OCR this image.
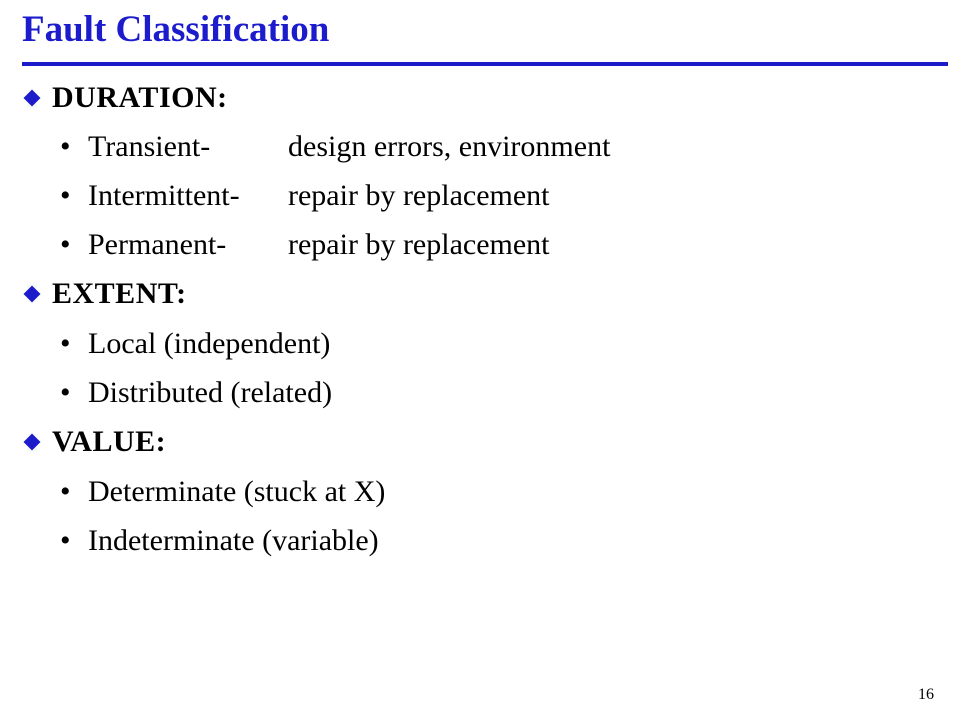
Fault Classification
DURATION:
• Transient-	design errors, environment
• Intermittent-	repair by replacement
• Permanent-	repair by replacement
EXTENT:
• Local (independent)
• Distributed (related)
VALUE:
• Determinate (stuck at X)
• Indeterminate (variable)
16
